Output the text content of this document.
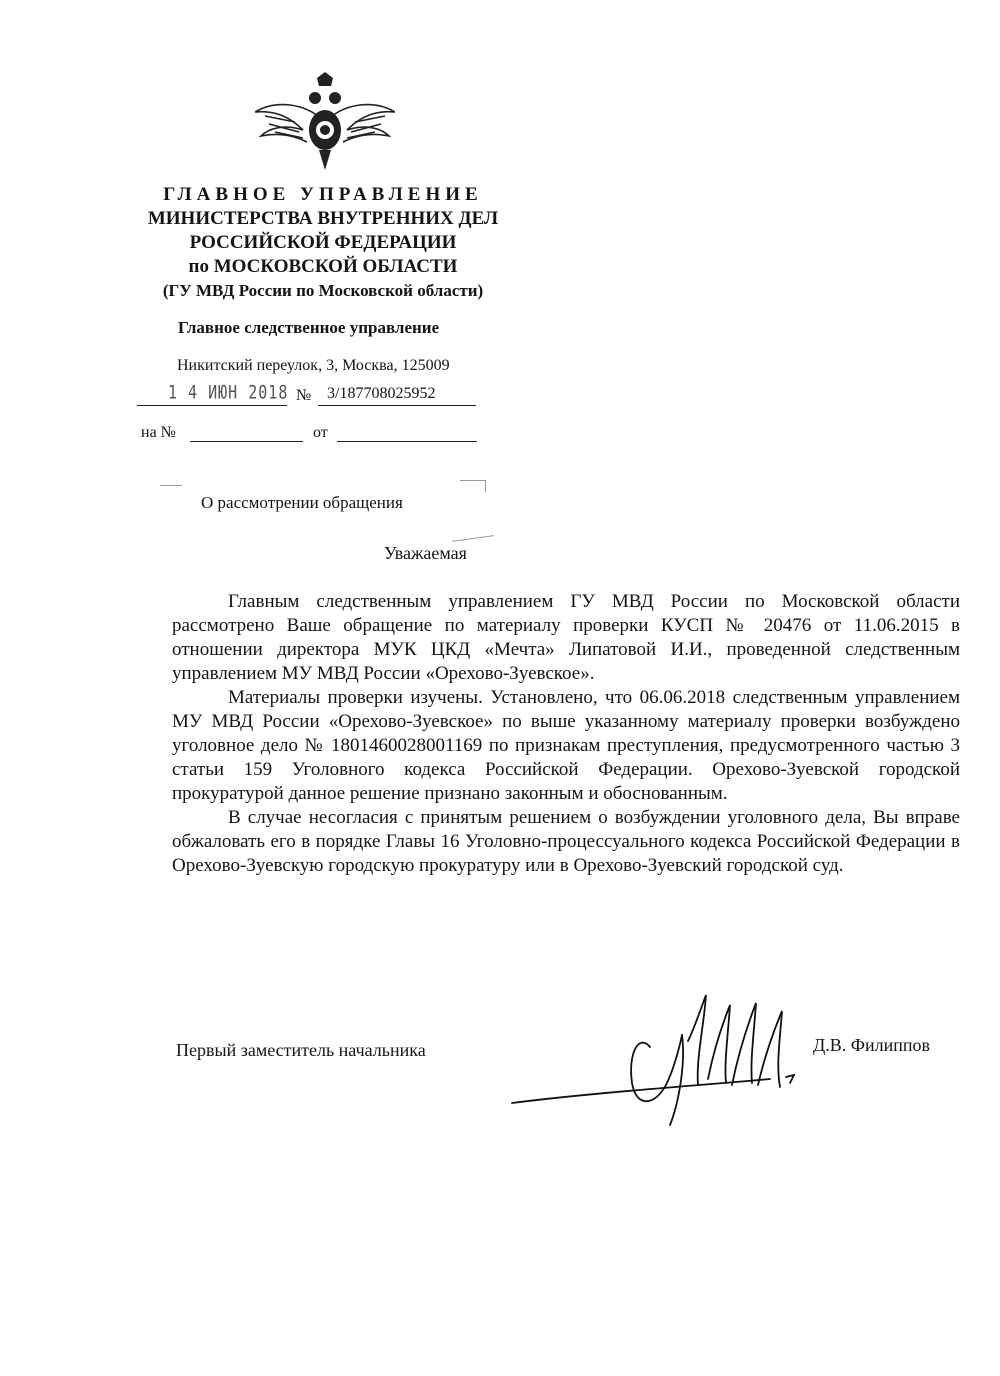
ГЛАВНОЕ УПРАВЛЕНИЕ
МИНИСТЕРСТВА ВНУТРЕННИХ ДЕЛ
РОССИЙСКОЙ ФЕДЕРАЦИИ
по МОСКОВСКОЙ ОБЛАСТИ
(ГУ МВД России по Московской области)
Главное следственное управление
Никитский переулок, 3, Москва, 125009
1 4 ИЮН 2018 № 3/187708025952
на №	от
О рассмотрении обращения
Уважаемая

Главным следственным управлением ГУ МВД России по Московской области рассмотрено Ваше обращение по материалу проверки КУСП № 20476 от 11.06.2015 в отношении директора МУК ЦКД «Мечта» Липатовой И.И., проведенной следственным управлением МУ МВД России «Орехово-Зуевское».

Материалы проверки изучены. Установлено, что 06.06.2018 следственным управлением МУ МВД России «Орехово-Зуевское» по выше указанному материалу проверки возбуждено уголовное дело № 1801460028001169 по признакам преступления, предусмотренного частью 3 статьи 159 Уголовного кодекса Российской Федерации. Орехово-Зуевской городской прокуратурой данное решение признано законным и обоснованным.

В случае несогласия с принятым решением о возбуждении уголовного дела, Вы вправе обжаловать его в порядке Главы 16 Уголовно-процессуального кодекса Российской Федерации в Орехово-Зуевскую городскую прокуратуру или в Орехово-Зуевский городской суд.

Первый заместитель начальника	Д.В. Филиппов
